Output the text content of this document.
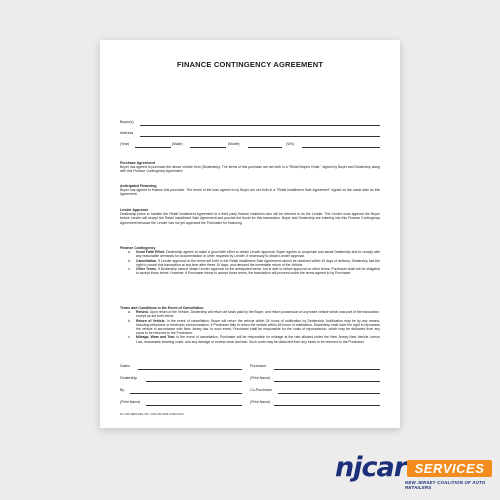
FINANCE CONTINGENCY AGREEMENT
Buyer(s)
Address
(Year)	(Make)	(Model)	(VIN)
Purchase Agreement
Buyer has agreed to purchase the above vehicle from (Dealership). The terms of this purchase are set forth in a "Retail Buyers Order," signed by Buyer and Dealership along with this Finance Contingency Agreement.
Anticipated Financing
Buyer has agreed to finance this purchase. The terms of the loan agreed to by Buyer are set forth in a "Retail Installment Sale Agreement" signed on the same date as this Agreement.
Lender Approval
Dealership plans to transfer the Retail Installment Agreement to a third party finance institution who will be referred to as the Lender. The Lender must approve the Buyer before Lender will accept the Retail Installment Sale Agreement and provide the funds for this transaction. Buyer and Dealership are entering into this Finance Contingency Agreement because the Lender has not yet approved the Purchaser for financing.
Finance Contingency
a. Good Faith Effort. Dealership agrees to make a good faith effort to obtain Lender approval. Buyer agrees to cooperate and assist Dealership and to comply with any reasonable demands for documentation or other requests by Lender, if necessary to obtain Lender approval.
b. Cancellation. If Lender approval on the terms set forth in the Retail Installment Sale Agreement cannot be obtained within 10 days of delivery, Dealership has the right to cancel this transaction at any time after these 10 days, and demand the immediate return of the Vehicle.
c. Other Terms. If Dealership cannot obtain Lender approval on the anticipated terms, but is able to obtain approval on other terms, Purchaser shall not be obligated to accept those terms. However, if Purchaser elects to accept those terms, the transaction will proceed under the terms agreed to by Purchaser.
Terms and Conditions in the Event of Cancellation
a. Refund. Upon return of the Vehicle, Dealership will return all funds paid by the Buyer, and return possession of any trade vehicle which was part of the transaction, except as set forth below.
b. Return of Vehicle. In the event of cancellation, Buyer will return the vehicle within 24 hours of notification by Dealership. Notification may be by any means, including telephone or electronic communication. If Purchaser fails to return the vehicle within 48 hours of notification, Dealership shall have the right to repossess the vehicle in accordance with New Jersey law. In such event, Purchaser shall be responsible for the costs of repossession, which may be deducted from any sums to be returned to the Purchaser.
c. Mileage, Wear and Tear. In the event of cancellation, Purchaser will be responsible for mileage at the rate allowed under the New Jersey New Vehicle Lemon Law, reasonable cleaning costs, and any damage or excess wear and tear. Such costs may be deducted from any funds to be returned to the Purchaser.
Dated
Dealership
By
(Print Name)
Purchaser
(Print Name)
Co-Purchaser
(Print Name)
NJ CAR SERVICES, INC. (609) 025-0036 FORM FR13
njcar SERVICES
NEW JERSEY COALITION OF AUTO RETAILERS
